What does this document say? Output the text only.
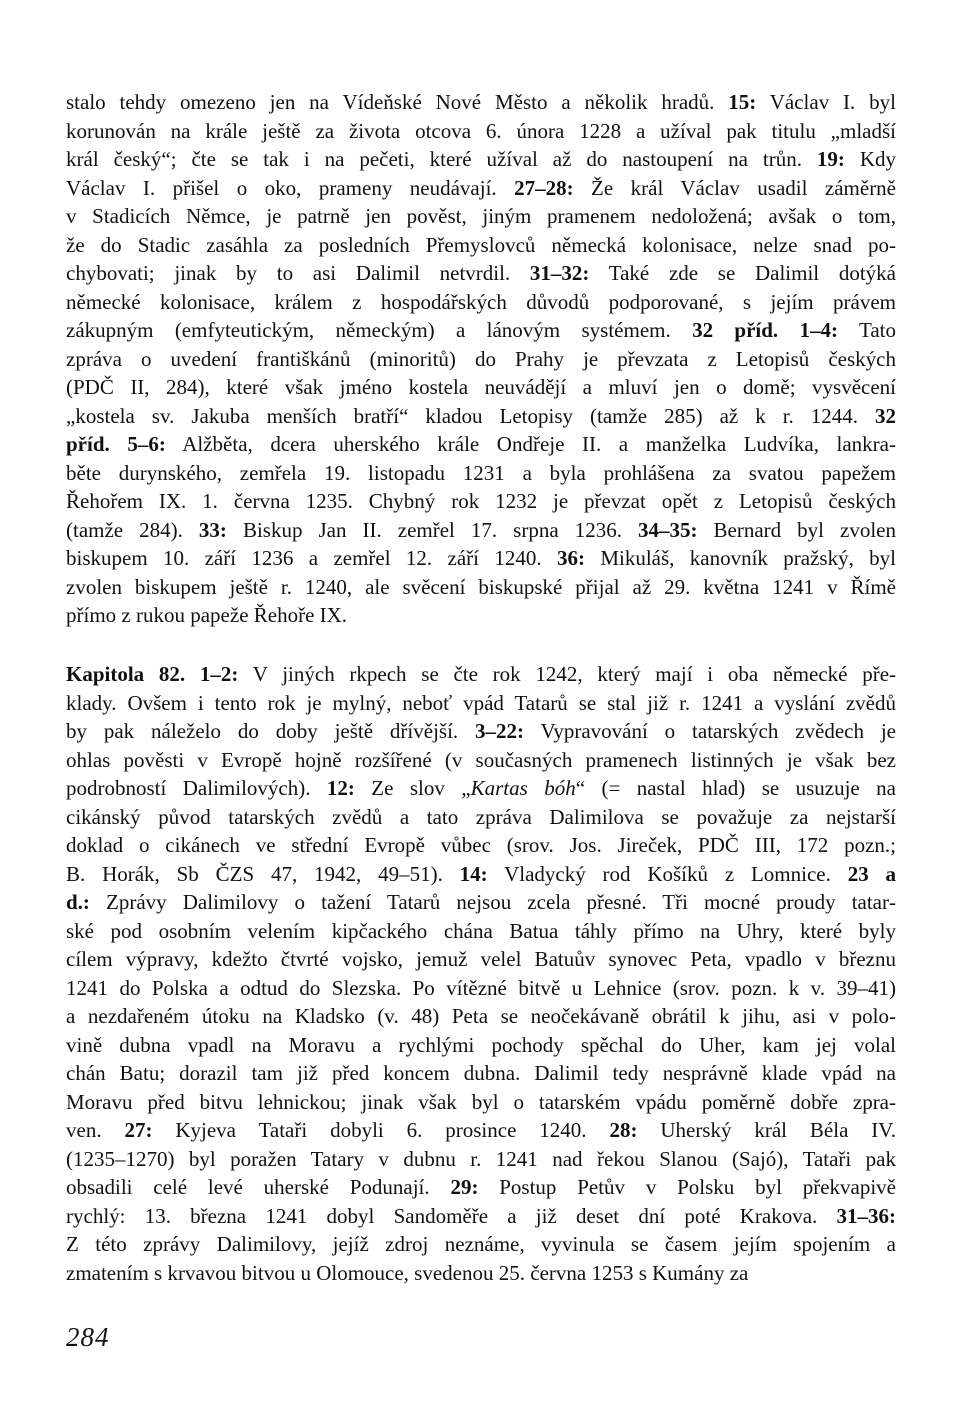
stalo tehdy omezeno jen na Vídeňské Nové Město a několik hradů. 15: Václav I. byl
korunován na krále ještě za života otcova 6. února 1228 a užíval pak titulu „mladší
král český“; čte se tak i na pečeti, které užíval až do nastoupení na trůn. 19: Kdy
Václav I. přišel o oko, prameny neudávají. 27–28: Že král Václav usadil záměrně
v Stadicích Němce, je patrně jen pověst, jiným pramenem nedoložená; avšak o tom,
že do Stadic zasáhla za posledních Přemyslovců německá kolonisace, nelze snad po‑
chybovati; jinak by to asi Dalimil netvrdil. 31–32: Také zde se Dalimil dotýká
německé kolonisace, králem z hospodářských důvodů podporované, s jejím právem
zákupným (emfyteutickým, německým) a lánovým systémem. 32 příd. 1–4: Tato
zpráva o uvedení františkánů (minoritů) do Prahy je převzata z Letopisů českých
(PDČ II, 284), které však jméno kostela neuvádějí a mluví jen o domě; vysvěcení
„kostela sv. Jakuba menších bratří“ kladou Letopisy (tamže 285) až k r. 1244. 32
příd. 5–6: Alžběta, dcera uherského krále Ondřeje II. a manželka Ludvíka, lankra‑
běte durynského, zemřela 19. listopadu 1231 a byla prohlášena za svatou papežem
Řehořem IX. 1. června 1235. Chybný rok 1232 je převzat opět z Letopisů českých
(tamže 284). 33: Biskup Jan II. zemřel 17. srpna 1236. 34–35: Bernard byl zvolen
biskupem 10. září 1236 a zemřel 12. září 1240. 36: Mikuláš, kanovník pražský, byl
zvolen biskupem ještě r. 1240, ale svěcení biskupské přijal až 29. května 1241 v Římě
přímo z rukou papeže Řehoře IX.
Kapitola 82. 1–2: V jiných rkpech se čte rok 1242, který mají i oba německé pře‑
klady. Ovšem i tento rok je mylný, neboť vpád Tatarů se stal již r. 1241 a vyslání zvědů
by pak náleželo do doby ještě dřívější. 3–22: Vypravování o tatarských zvědech je
ohlas pověsti v Evropě hojně rozšířené (v současných pramenech listinných je však bez
podrobností Dalimilových). 12: Ze slov „Kartas bóh“ (= nastal hlad) se usuzuje na
cikánský původ tatarských zvědů a tato zpráva Dalimilova se považuje za nejstarší
doklad o cikánech ve střední Evropě vůbec (srov. Jos. Jireček, PDČ III, 172 pozn.;
B. Horák, Sb ČZS 47, 1942, 49–51). 14: Vladycký rod Košíků z Lomnice. 23 a
d.: Zprávy Dalimilovy o tažení Tatarů nejsou zcela přesné. Tři mocné proudy tatar‑
ské pod osobním velením kipčackého chána Batua táhly přímo na Uhry, které byly
cílem výpravy, kdežto čtvrté vojsko, jemuž velel Batuův synovec Peta, vpadlo v březnu
1241 do Polska a odtud do Slezska. Po vítězné bitvě u Lehnice (srov. pozn. k v. 39–41)
a nezdařeném útoku na Kladsko (v. 48) Peta se neočekávaně obrátil k jihu, asi v polo‑
vině dubna vpadl na Moravu a rychlými pochody spěchal do Uher, kam jej volal
chán Batu; dorazil tam již před koncem dubna. Dalimil tedy nesprávně klade vpád na
Moravu před bitvu lehnickou; jinak však byl o tatarském vpádu poměrně dobře zpra‑
ven. 27: Kyjeva Tataři dobyli 6. prosince 1240. 28: Uherský král Béla IV.
(1235–1270) byl poražen Tatary v dubnu r. 1241 nad řekou Slanou (Sajó), Tataři pak
obsadili celé levé uherské Podunají. 29: Postup Petův v Polsku byl překvapivě
rychlý: 13. března 1241 dobyl Sandoměře a již deset dní poté Krakova. 31–36:
Z této zprávy Dalimilovy, jejíž zdroj neznáme, vyvinula se časem jejím spojením a
zmatením s krvavou bitvou u Olomouce, svedenou 25. června 1253 s Kumány za
284
